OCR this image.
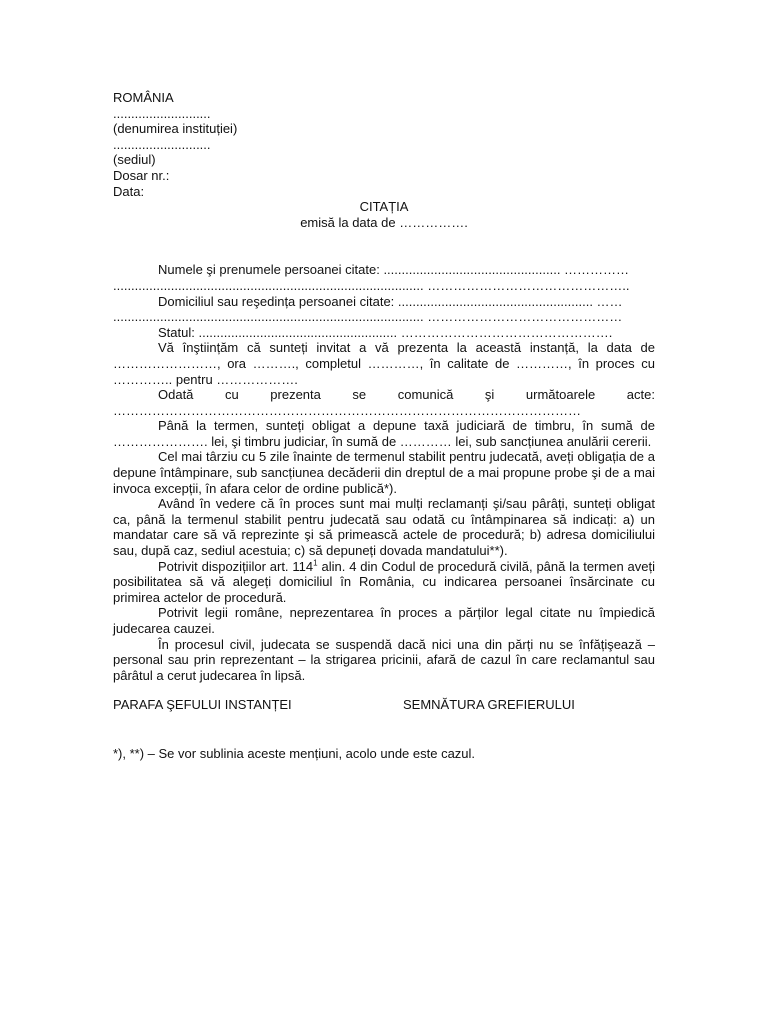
ROMÂNIA
...........................
(denumirea instituției)
...........................
(sediul)
Dosar nr.:
Data:
CITAȚIA
emisă la data de …………….
Numele şi prenumele persoanei citate: ................................................. ……………
...................................................................................... ………………………………………..
Domiciliul sau reşedința persoanei citate: ...................................................... ……
...................................................................................... ………………………………………
Statul: ....................................................... ………………………………………….
Vă înştiințăm că sunteți invitat a vă prezenta la această instanță, la data de ……………………, ora ………., completul …………, în calitate de …………, în proces cu ………….. pentru ……………….
Odată cu prezenta se comunică şi următoarele acte:
………………………………………………………………………………………………
Până la termen, sunteți obligat a depune taxă judiciară de timbru, în sumă de …………………. lei, şi timbru judiciar, în sumă de ………… lei, sub sancțiunea anulării cererii.
Cel mai târziu cu 5 zile înainte de termenul stabilit pentru judecată, aveți obligația de a depune întâmpinare, sub sancțiunea decăderii din dreptul de a mai propune probe şi de a mai invoca excepții, în afara celor de ordine publică*).
Având în vedere că în proces sunt mai mulți reclamanți şi/sau pârâți, sunteți obligat ca, până la termenul stabilit pentru judecată sau odată cu întâmpinarea să indicați: a) un mandatar care să vă reprezinte şi să primească actele de procedură; b) adresa domiciliului sau, după caz, sediul acestuia; c) să depuneți dovada mandatului**).
Potrivit dispozițiilor art. $114^1$ alin. 4 din Codul de procedură civilă, până la termen aveți posibilitatea să vă alegeți domiciliul în România, cu indicarea persoanei însărcinate cu primirea actelor de procedură.
Potrivit legii române, neprezentarea în proces a părților legal citate nu împiedică judecarea cauzei.
În procesul civil, judecata se suspendă dacă nici una din părți nu se înfățişează – personal sau prin reprezentant – la strigarea pricinii, afară de cazul în care reclamantul sau pârâtul a cerut judecarea în lipsă.
PARAFA ŞEFULUI INSTANȚEI	SEMNĂTURA GREFIERULUI
*), **) – Se vor sublinia aceste mențiuni, acolo unde este cazul.
